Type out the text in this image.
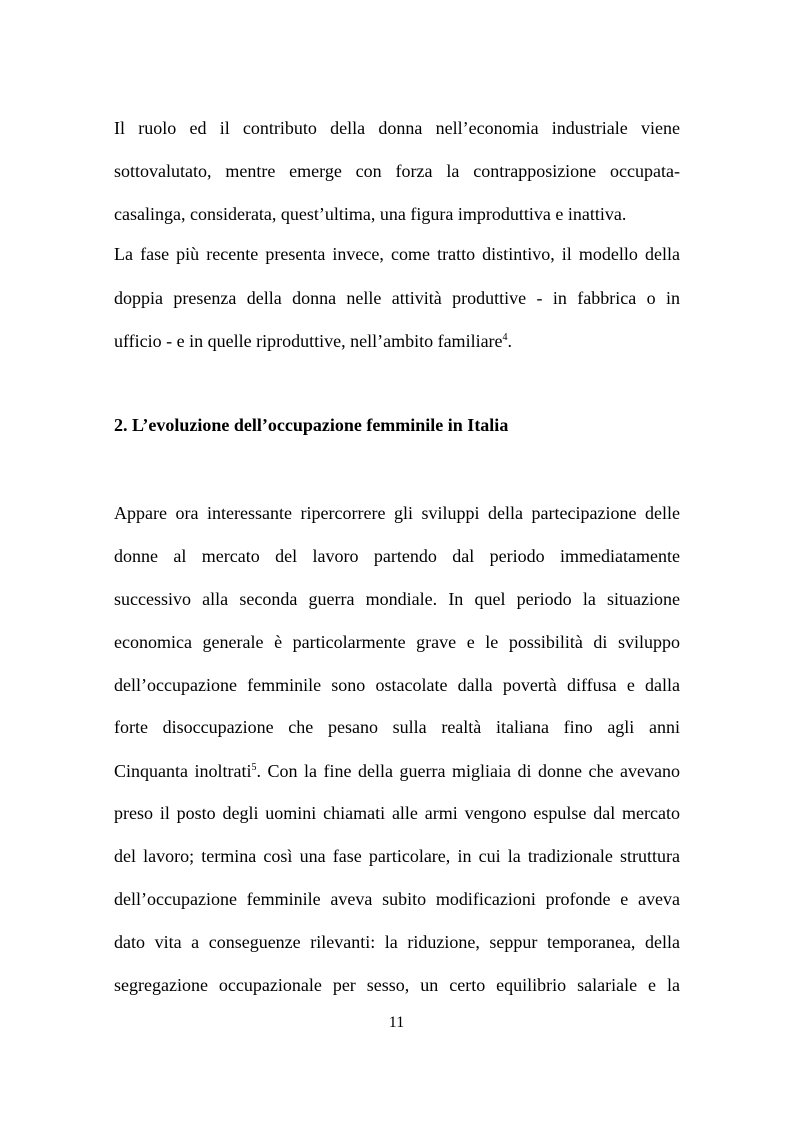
Il ruolo ed il contributo della donna nell’economia industriale viene
sottovalutato, mentre emerge con forza la contrapposizione occupata-
casalinga, considerata, quest’ultima, una figura improduttiva e inattiva.
La fase più recente presenta invece, come tratto distintivo, il modello della
doppia presenza della donna nelle attività produttive - in fabbrica o in
ufficio - e in quelle riproduttive, nell’ambito familiare$^4$.
2. L’evoluzione dell’occupazione femminile in Italia
Appare ora interessante ripercorrere gli sviluppi della partecipazione delle
donne al mercato del lavoro partendo dal periodo immediatamente
successivo alla seconda guerra mondiale. In quel periodo la situazione
economica generale è particolarmente grave e le possibilità di sviluppo
dell’occupazione femminile sono ostacolate dalla povertà diffusa e dalla
forte disoccupazione che pesano sulla realtà italiana fino agli anni
Cinquanta inoltrati$^5$. Con la fine della guerra migliaia di donne che avevano
preso il posto degli uomini chiamati alle armi vengono espulse dal mercato
del lavoro; termina così una fase particolare, in cui la tradizionale struttura
dell’occupazione femminile aveva subito modificazioni profonde e aveva
dato vita a conseguenze rilevanti: la riduzione, seppur temporanea, della
segregazione occupazionale per sesso, un certo equilibrio salariale e la
11
